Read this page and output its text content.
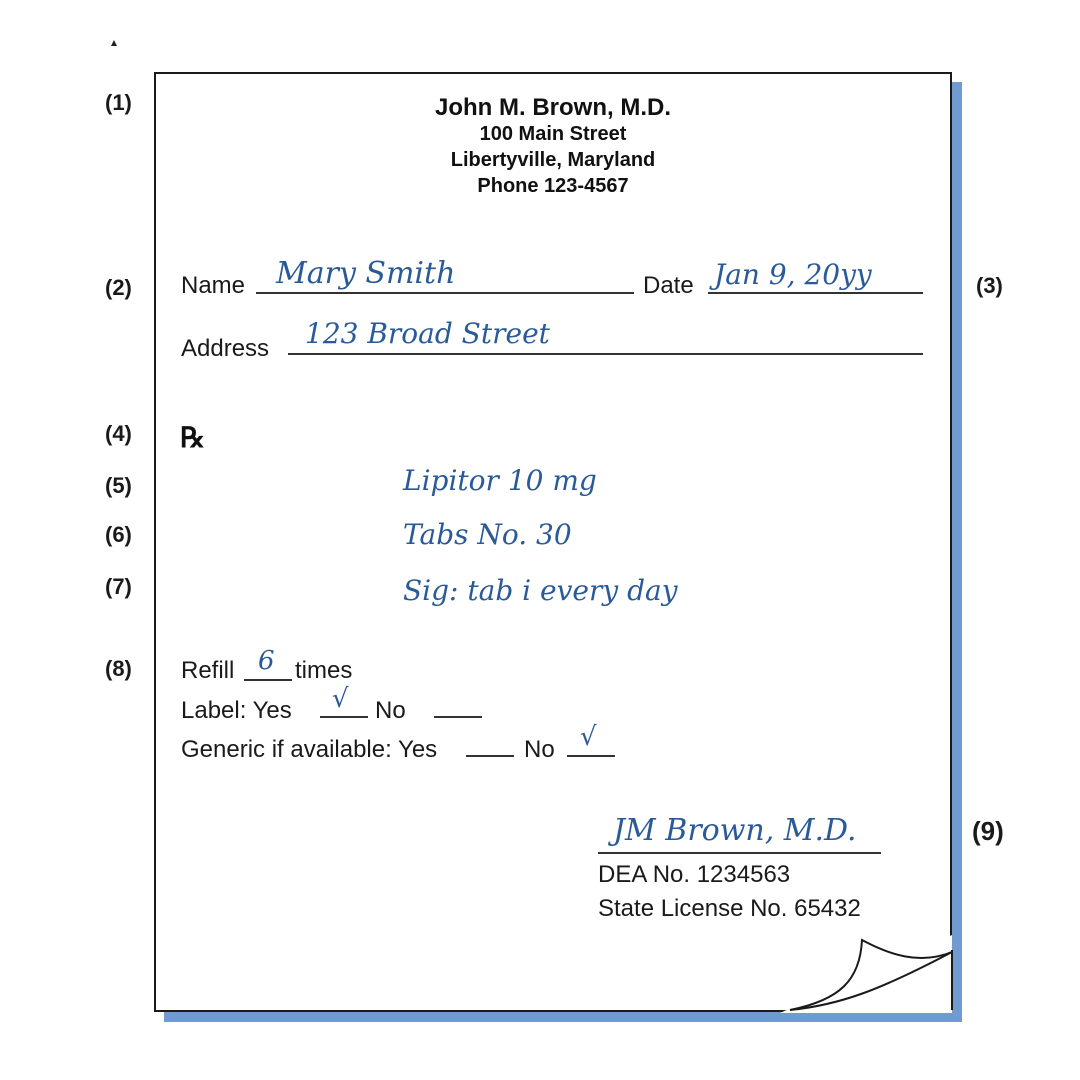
(1)
(2)	(3)
(4)
(5)
(6)
(7)
(8)
(9)
John M. Brown, M.D.
100 Main Street
Libertyville, Maryland
Phone 123-4567
Name Mary Smith	Date Jan 9, 20yy
Address 123 Broad Street
℞
Lipitor 10 mg
Tabs No. 30
Sig: tab i every day
Refill 6 times
Label: Yes √ No
Generic if available: Yes	No √
JM Brown, M.D.
DEA No. 1234563
State License No. 65432
